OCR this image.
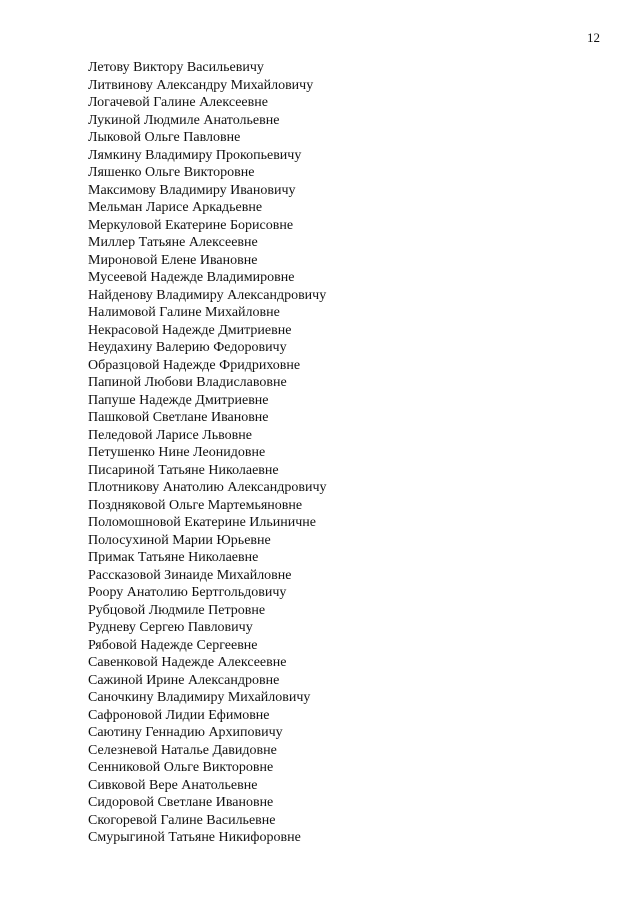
12
Летову Виктору Васильевичу
Литвинову Александру Михайловичу
Логачевой Галине Алексеевне
Лукиной Людмиле Анатольевне
Лыковой Ольге Павловне
Лямкину Владимиру Прокопьевичу
Ляшенко Ольге Викторовне
Максимову Владимиру Ивановичу
Мельман Ларисе Аркадьевне
Меркуловой Екатерине Борисовне
Миллер Татьяне Алексеевне
Мироновой Елене Ивановне
Мусеевой Надежде Владимировне
Найденову Владимиру Александровичу
Налимовой Галине Михайловне
Некрасовой Надежде Дмитриевне
Неудахину Валерию Федоровичу
Образцовой Надежде Фридриховне
Папиной Любови Владиславовне
Папуше Надежде Дмитриевне
Пашковой Светлане Ивановне
Пеледовой Ларисе Львовне
Петушенко Нине Леонидовне
Писариной Татьяне Николаевне
Плотникову Анатолию Александровичу
Поздняковой Ольге Мартемьяновне
Поломошновой Екатерине Ильиничне
Полосухиной Марии Юрьевне
Примак Татьяне Николаевне
Рассказовой Зинаиде Михайловне
Роору Анатолию Бертгольдовичу
Рубцовой Людмиле Петровне
Рудневу Сергею Павловичу
Рябовой Надежде Сергеевне
Савенковой Надежде Алексеевне
Сажиной Ирине Александровне
Саночкину Владимиру Михайловичу
Сафроновой Лидии Ефимовне
Саютину Геннадию Архиповичу
Селезневой Наталье Давидовне
Сенниковой Ольге Викторовне
Сивковой Вере Анатольевне
Сидоровой Светлане Ивановне
Скогоревой Галине Васильевне
Смурыгиной Татьяне Никифоровне
